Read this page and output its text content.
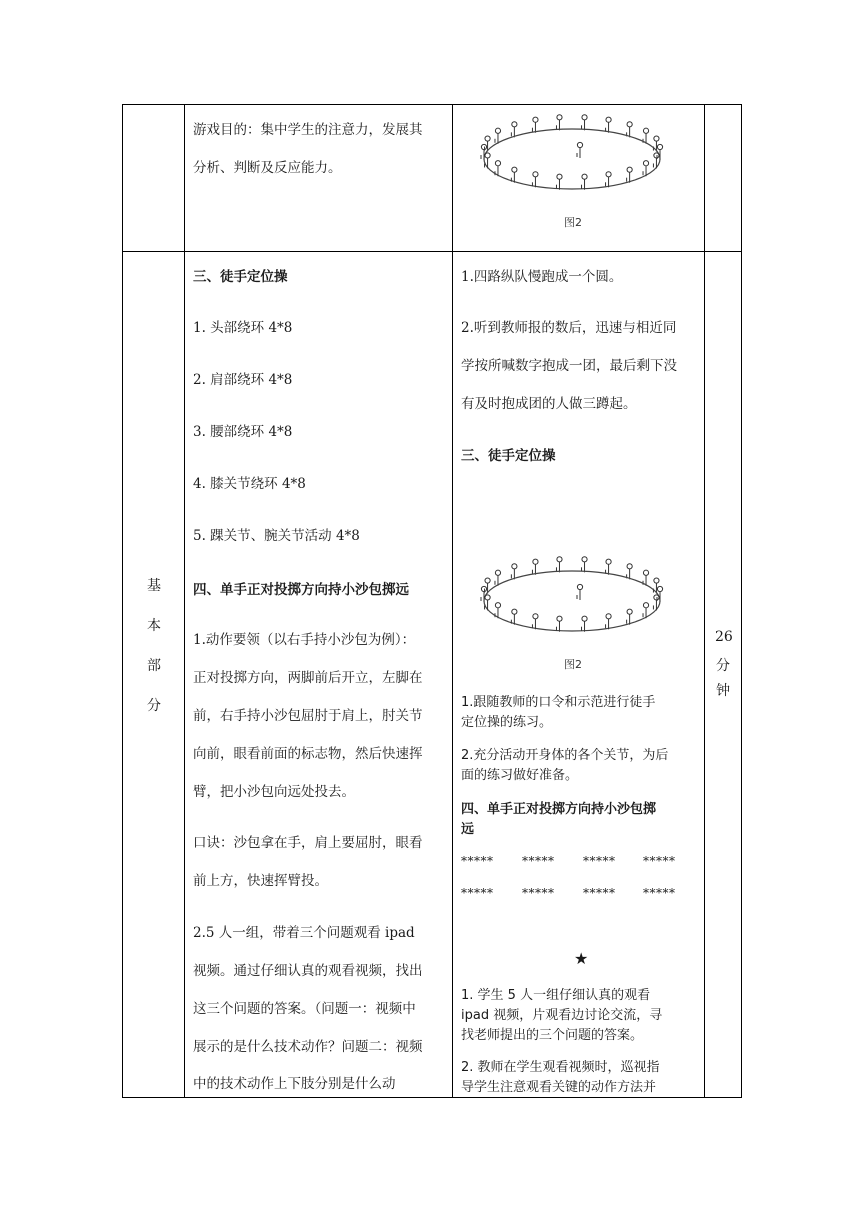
游戏目的：集中学生的注意力，发展其
分析、判断及反应能力。
图2
基
本
部
分
26
分
钟
三、徒手定位操
1. 头部绕环 4*8
2. 肩部绕环 4*8
3. 腰部绕环 4*8
4. 膝关节绕环 4*8
5. 踝关节、腕关节活动 4*8
四、单手正对投掷方向持小沙包掷远
1.动作要领（以右手持小沙包为例）：
正对投掷方向，两脚前后开立，左脚在
前，右手持小沙包屈肘于肩上，肘关节
向前，眼看前面的标志物，然后快速挥
臂，把小沙包向远处投去。
口诀：沙包拿在手，肩上要屈肘，眼看
前上方，快速挥臂投。
2.5 人一组，带着三个问题观看 ipad
视频。通过仔细认真的观看视频，找出
这三个问题的答案。（问题一：视频中
展示的是什么技术动作？问题二：视频
中的技术动作上下肢分别是什么动
1.四路纵队慢跑成一个圆。
2.听到教师报的数后，迅速与相近同
学按所喊数字抱成一团，最后剩下没
有及时抱成团的人做三蹲起。
三、徒手定位操
图2
1.跟随教师的口令和示范进行徒手
定位操的练习。
2.充分活动开身体的各个关节，为后
面的练习做好准备。
四、单手正对投掷方向持小沙包掷
远
***** ***** ***** *****
***** ***** ***** *****
★
1. 学生 5 人一组仔细认真的观看
ipad 视频，片观看边讨论交流，寻
找老师提出的三个问题的答案。
2. 教师在学生观看视频时，巡视指
导学生注意观看关键的动作方法并
